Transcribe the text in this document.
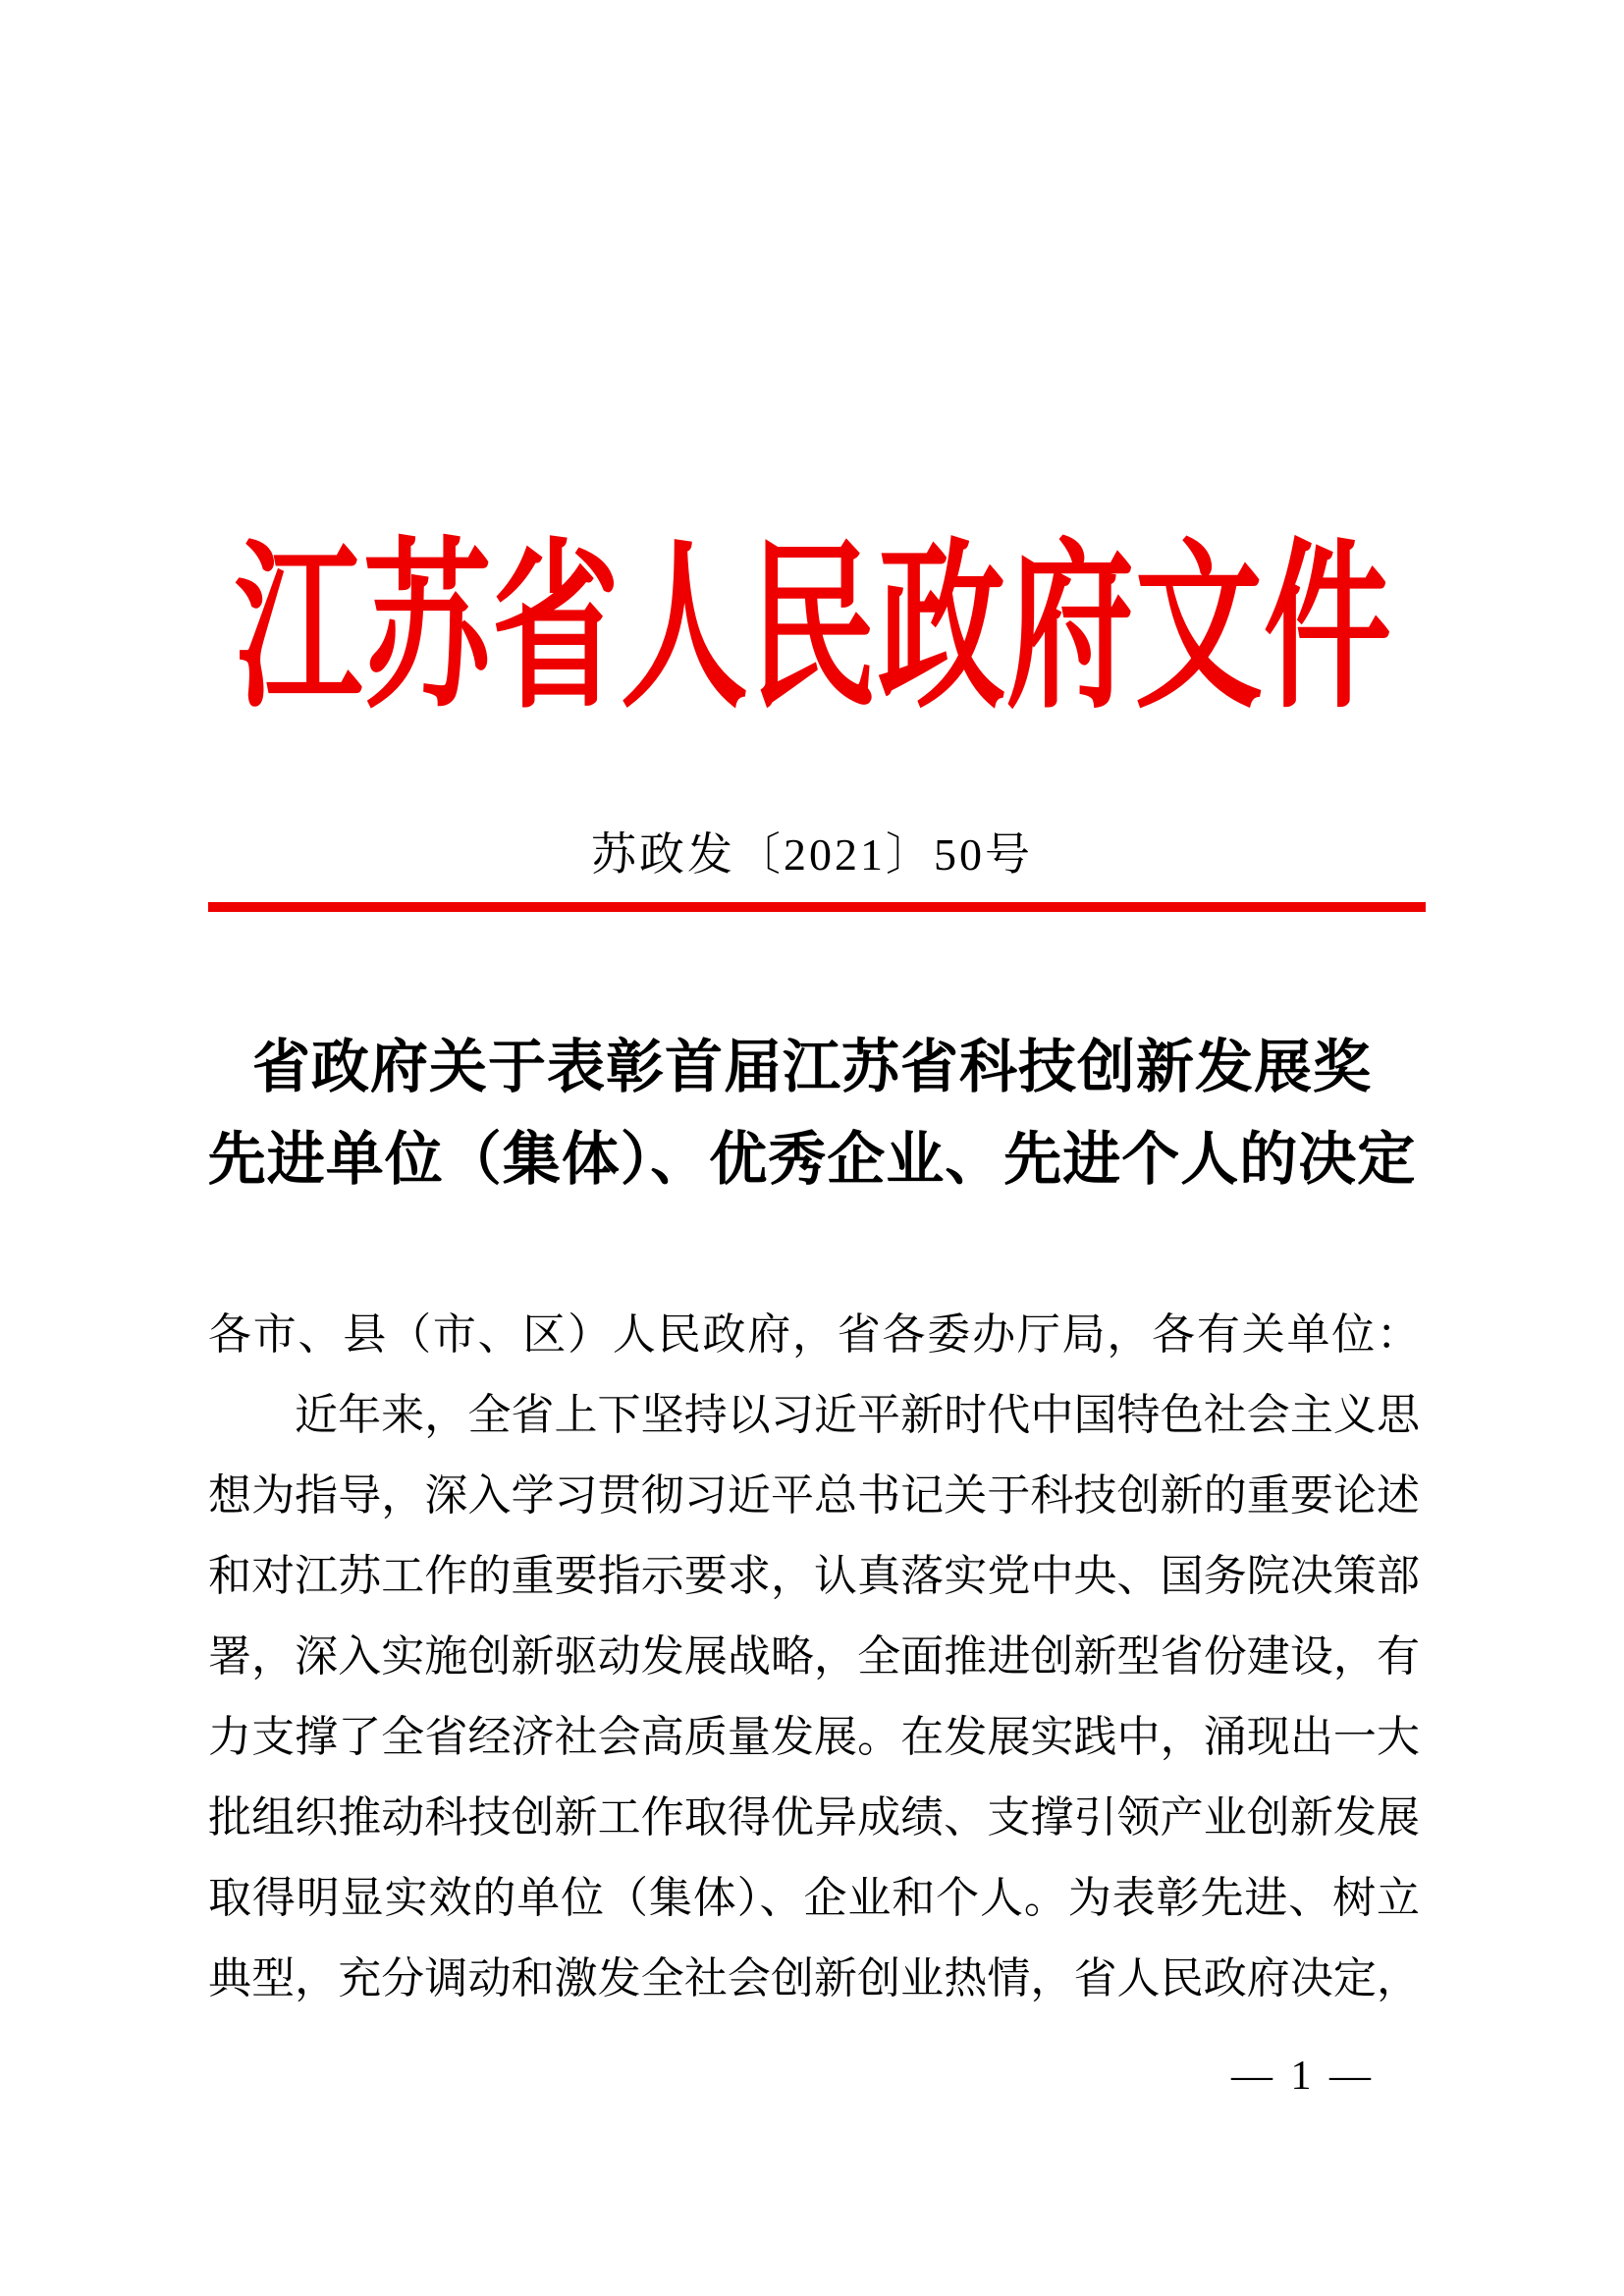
江 苏 省 人 民 政 府 文 件
苏政发〔2021〕50号
省政府关于表彰首届江苏省科技创新发展奖
先进单位（集体）、优秀企业、先进个人的决定
各市、县（市、区）人民政府，省各委办厅局，各有关单位：
近年来，全省上下坚持以习近平新时代中国特色社会主义思
想为指导，深入学习贯彻习近平总书记关于科技创新的重要论述
和对江苏工作的重要指示要求，认真落实党中央、国务院决策部
署，深入实施创新驱动发展战略，全面推进创新型省份建设，有
力支撑了全省经济社会高质量发展。在发展实践中，涌现出一大
批组织推动科技创新工作取得优异成绩、支撑引领产业创新发展
取得明显实效的单位（集体）、企业和个人。为表彰先进、树立
典型，充分调动和激发全社会创新创业热情，省人民政府决定，
— 1 —
